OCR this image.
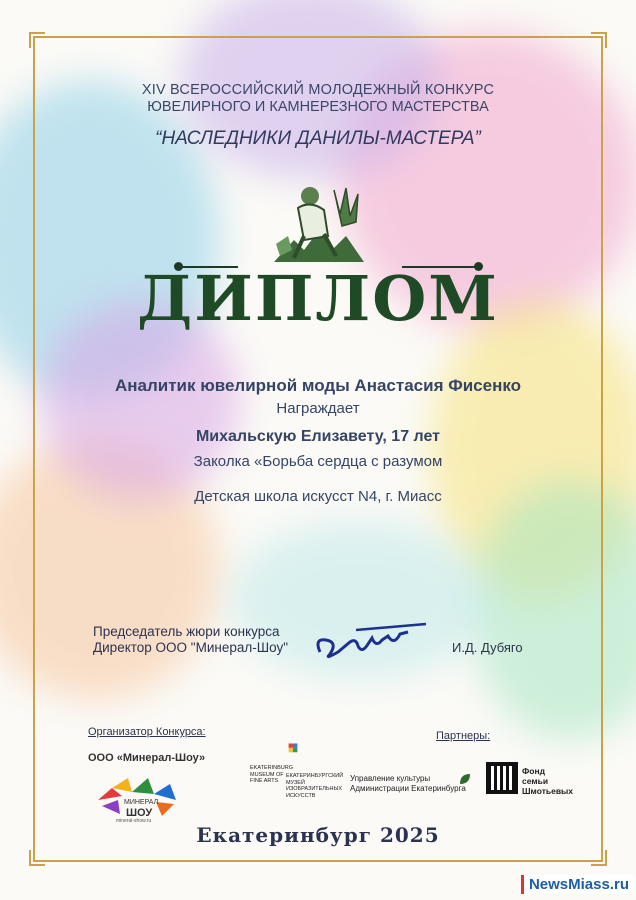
XIV ВСЕРОССИЙСКИЙ МОЛОДЕЖНЫЙ КОНКУРС
ЮВЕЛИРНОГО И КАМНЕРЕЗНОГО МАСТЕРСТВА
“НАСЛЕДНИКИ ДАНИЛЫ-МАСТЕРА”
ДИПЛОМ
Аналитик ювелирной моды Анастасия Фиcенко
Награждает
Михальскую Елизавету, 17 лет
Заколка «Борьба сердца с разумом
Детская школа искусст N4, г. Миасс
Председатель жюри конкурса
Директор ООО "Минерал-Шоу"	И.Д. Дубяго
Организатор Конкурса:	Партнеры:
ООО «Минерал-Шоу»
МИНЕРАЛ
ШОУ
mineral-show.ru
EKATERINBURG MUSEUM OF FINE ARTS
ЕКАТЕРИНБУРГСКИЙ МУЗЕЙ ИЗОБРАЗИТЕЛЬНЫХ ИСКУССТВ
Управление культуры
Администрации Екатеринбурга
Фонд
семьи
Шмотьевых
Екатеринбург 2025
NewsMiass.ru
